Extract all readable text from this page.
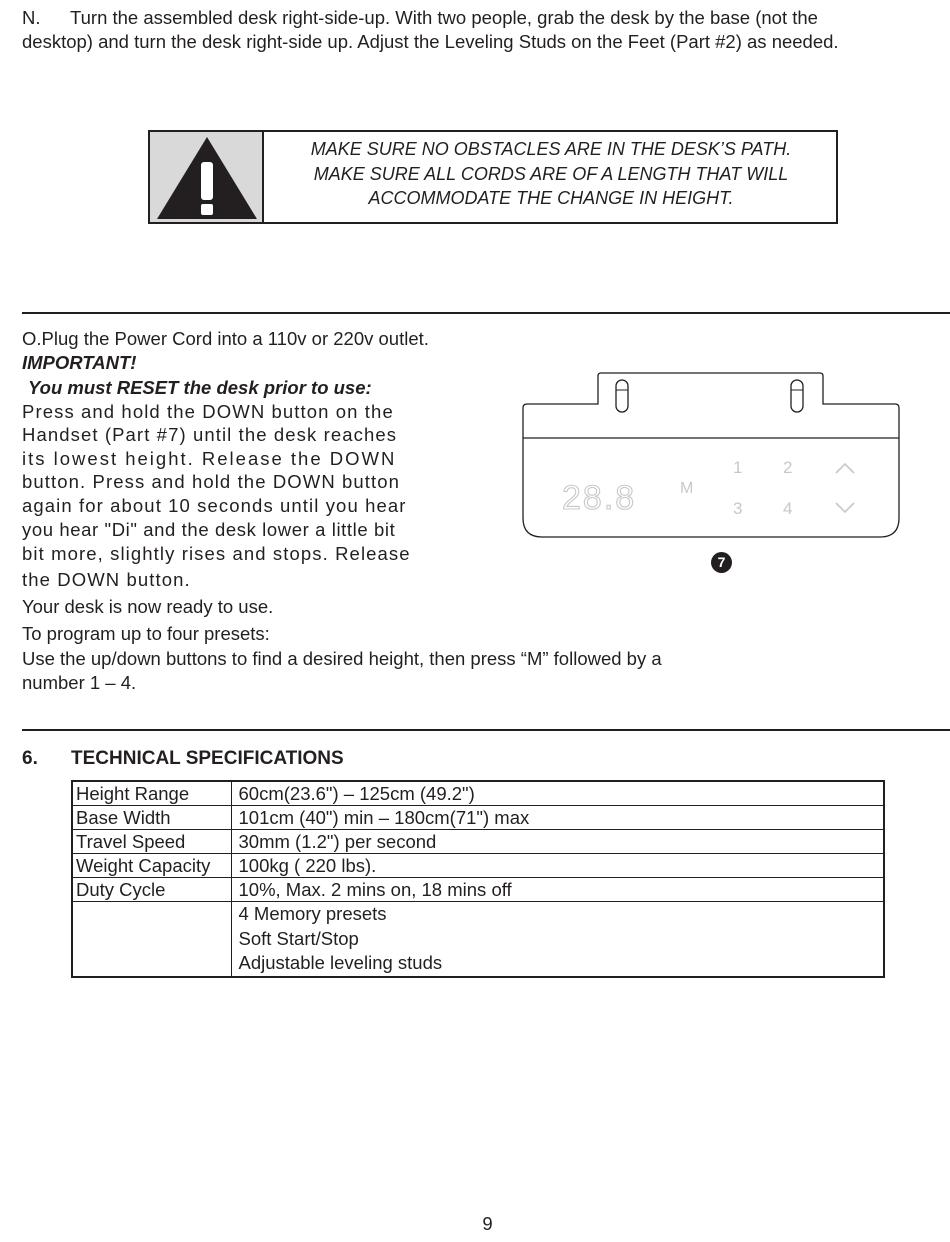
N. Turn the assembled desk right-side-up. With two people, grab the desk by the base (not the
desktop) and turn the desk right-side up. Adjust the Leveling Studs on the Feet (Part #2) as needed.
MAKE SURE NO OBSTACLES ARE IN THE DESK’S PATH.
MAKE SURE ALL CORDS ARE OF A LENGTH THAT WILL
ACCOMMODATE THE CHANGE IN HEIGHT.
O.Plug the Power Cord into a 110v or 220v outlet.
IMPORTANT!
You must RESET the desk prior to use:
Press and hold the DOWN button on the
Handset (Part #7) until the desk reaches
its lowest height. Release the DOWN
button. Press and hold the DOWN button
again for about 10 seconds until you hear
you hear "Di" and the desk lower a little bit
bit more, slightly rises and stops. Release
the DOWN button.
Your desk is now ready to use.
To program up to four presets:
Use the up/down buttons to find a desired height, then press “M” followed by a
number 1 – 4.
28.8	M
1 2
3 4
7
6. TECHNICAL SPECIFICATIONS
Height Range	60cm(23.6") – 125cm (49.2")
Base Width	101cm (40") min – 180cm(71") max
Travel Speed	30mm (1.2") per second
Weight Capacity	100kg ( 220 lbs).
Duty Cycle	10%, Max. 2 mins on, 18 mins off

	4 Memory presets
Soft Start/Stop
Adjustable leveling studs
9
